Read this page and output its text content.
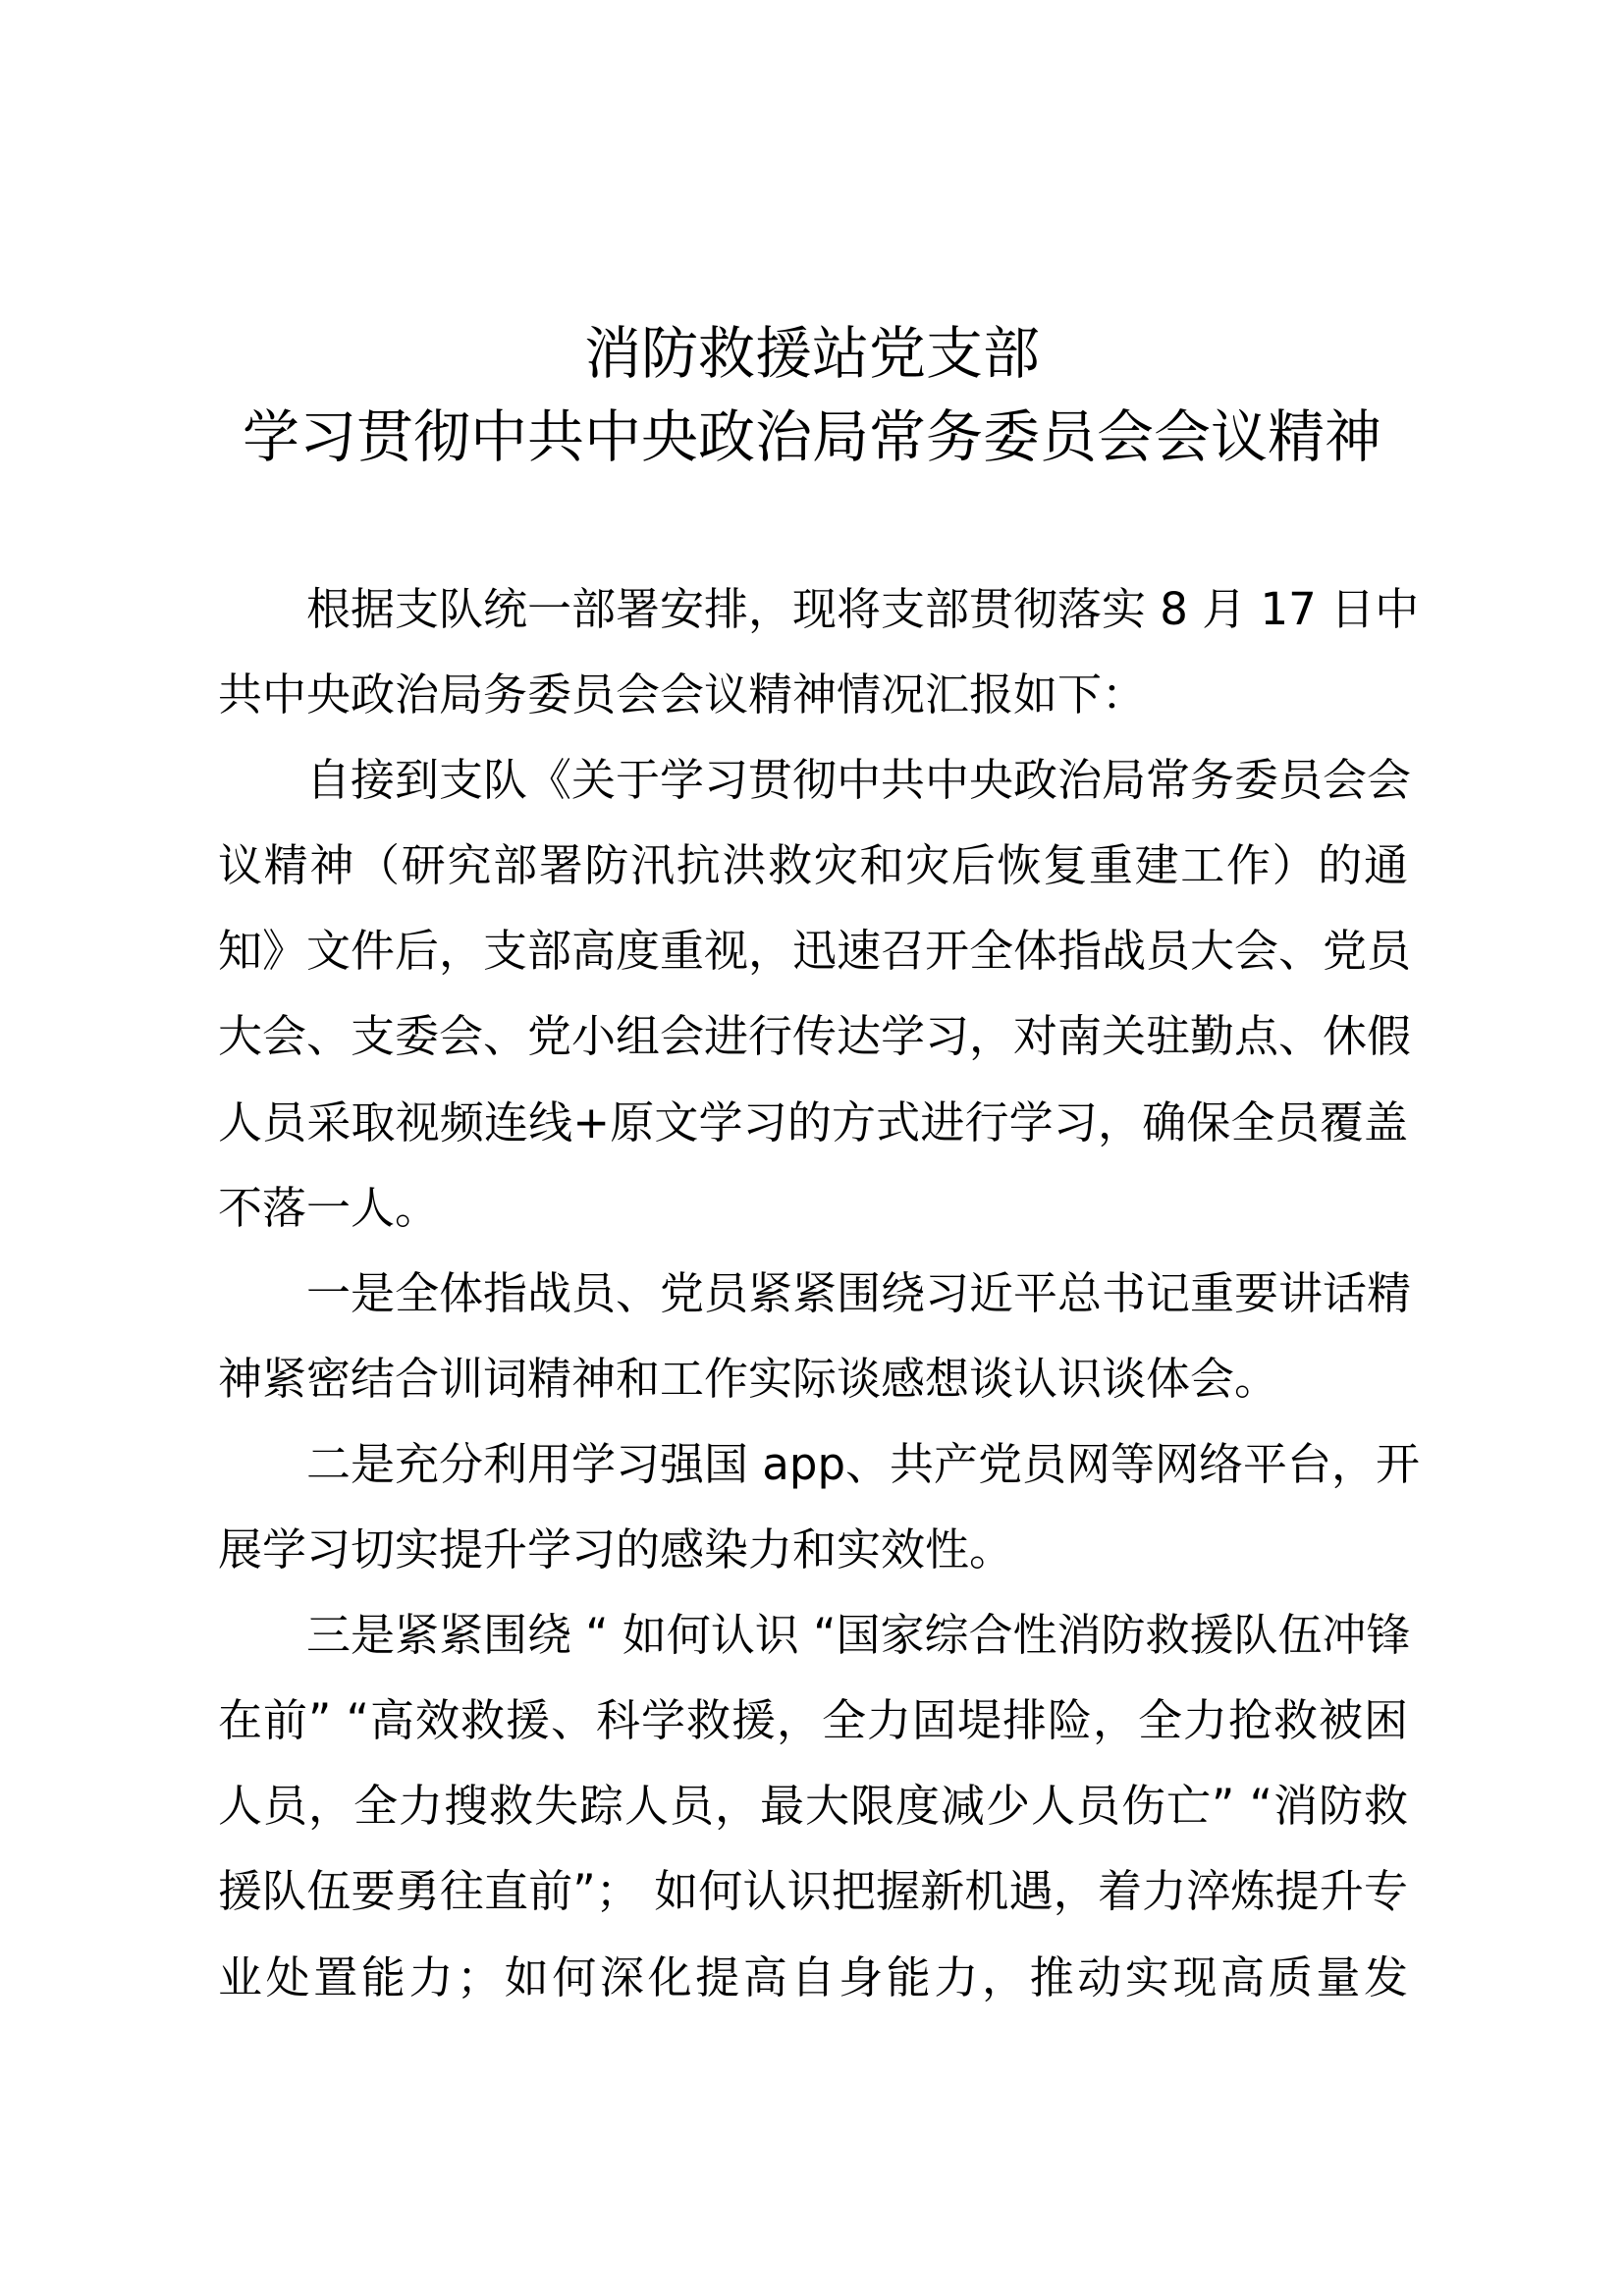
消防救援站党支部
学习贯彻中共中央政治局常务委员会会议精神
根据支队统一部署安排，现将支部贯彻落实 8 月 17 日中
共中央政治局务委员会会议精神情况汇报如下：
自接到支队《关于学习贯彻中共中央政治局常务委员会会
议精神（研究部署防汛抗洪救灾和灾后恢复重建工作）的通
知》文件后，支部高度重视，迅速召开全体指战员大会、党员
大会、支委会、党小组会进行传达学习，对南关驻勤点、休假
人员采取视频连线+原文学习的方式进行学习，确保全员覆盖
不落一人。
一是全体指战员、党员紧紧围绕习近平总书记重要讲话精
神紧密结合训词精神和工作实际谈感想谈认识谈体会。
二是充分利用学习强国 app、共产党员网等网络平台，开
展学习切实提升学习的感染力和实效性。
三是紧紧围绕 “ 如何认识 “国家综合性消防救援队伍冲锋
在前” “高效救援、科学救援，全力固堤排险，全力抢救被困
人员，全力搜救失踪人员，最大限度减少人员伤亡” “消防救
援队伍要勇往直前”； 如何认识把握新机遇，着力淬炼提升专
业处置能力；如何深化提高自身能力，推动实现高质量发
